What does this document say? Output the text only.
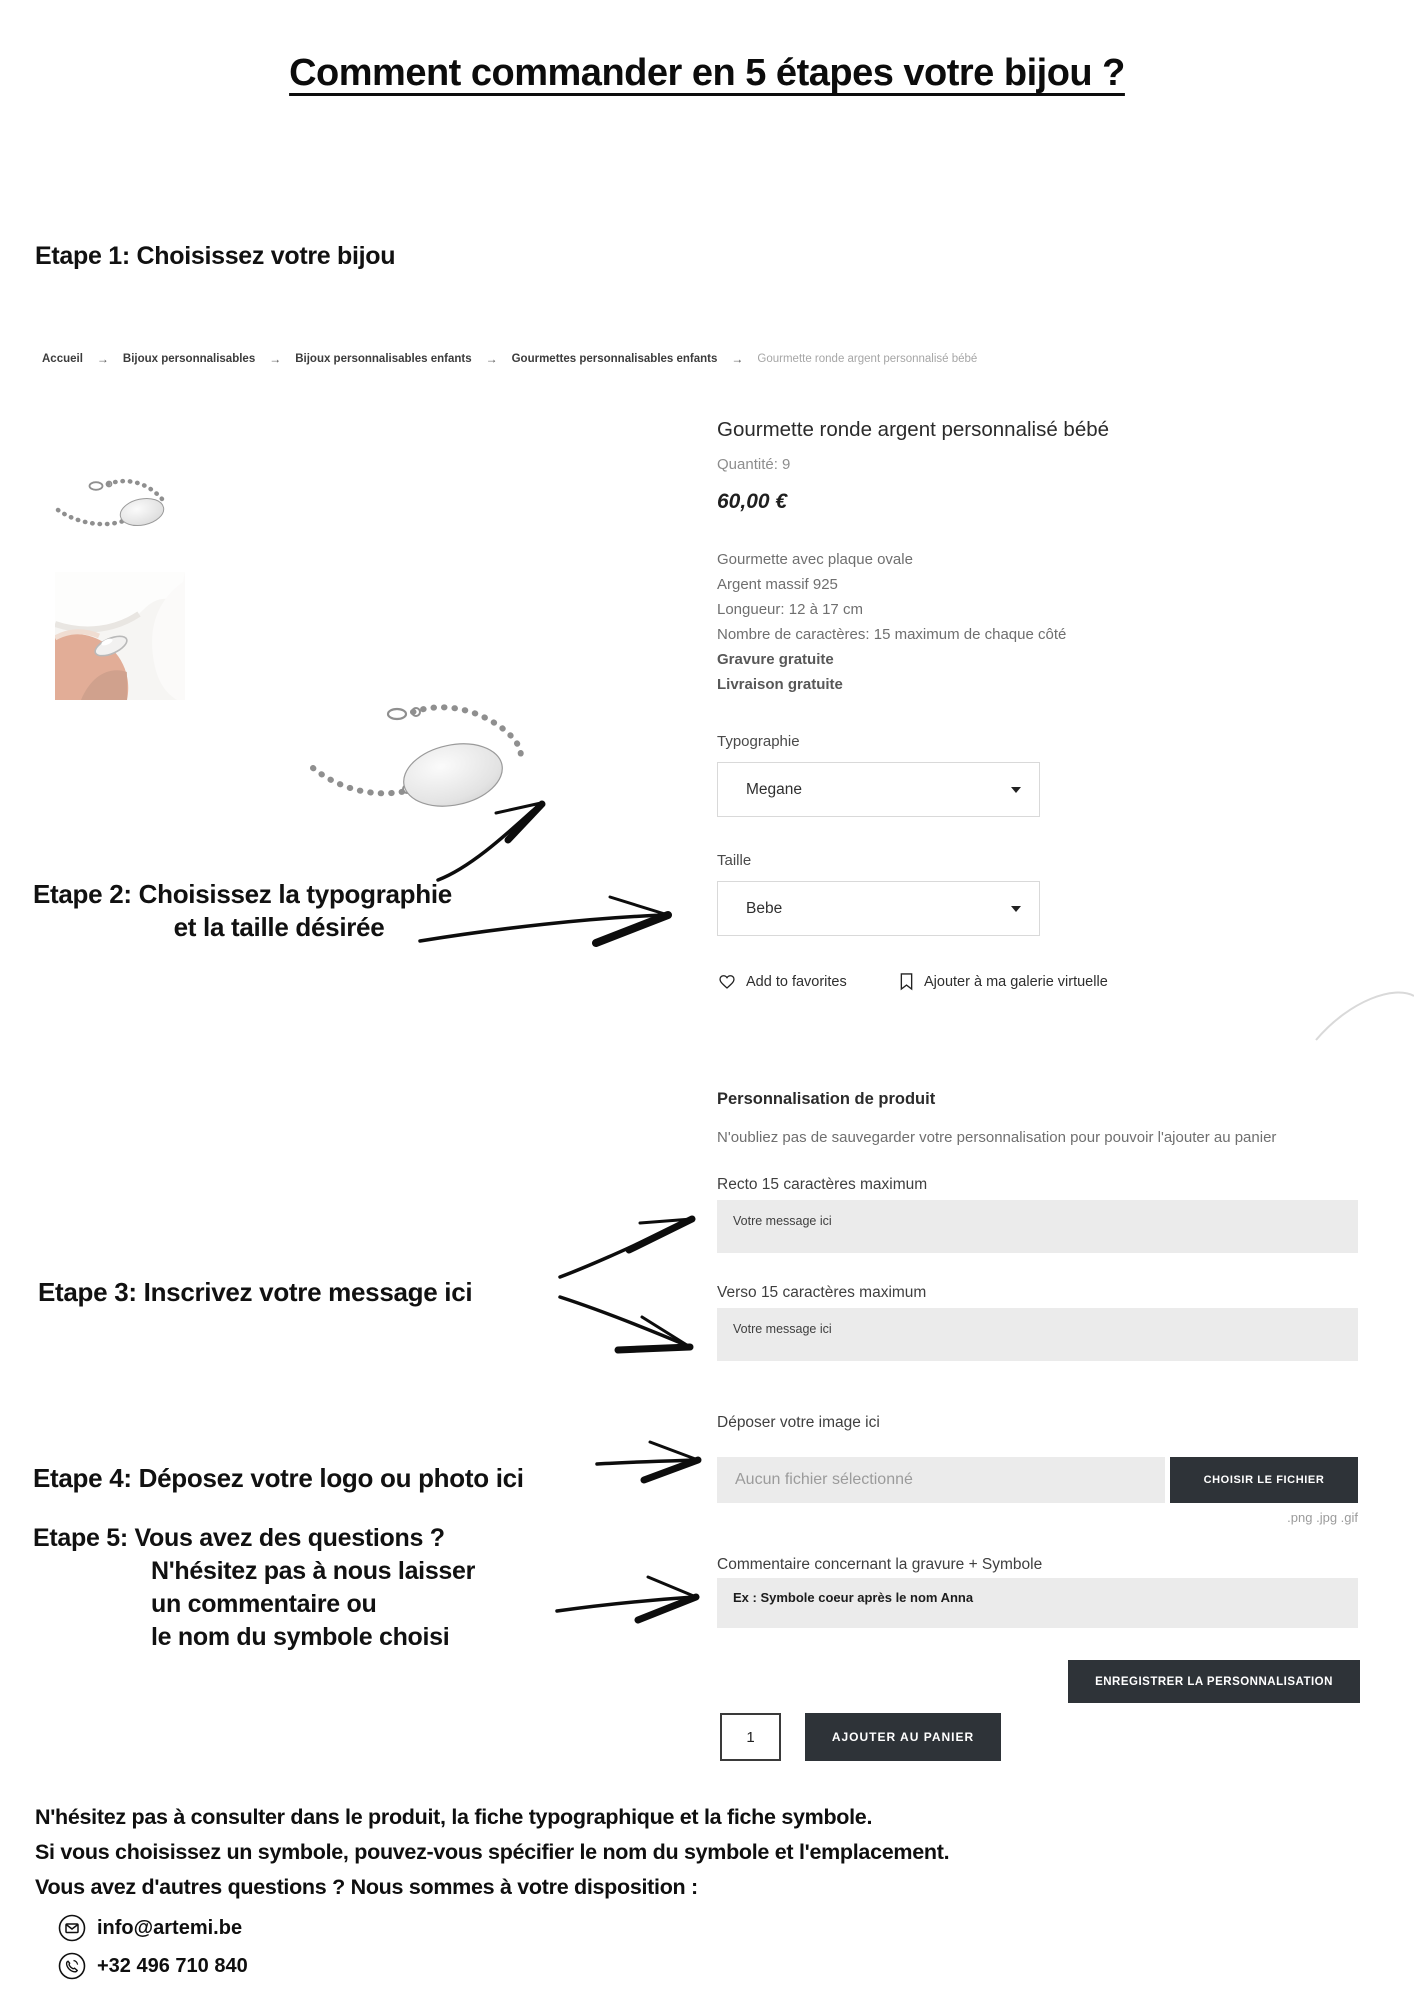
Comment commander en 5 étapes votre bijou ?
Etape 1: Choisissez votre bijou
Accueil → Bijoux personnalisables → Bijoux personnalisables enfants → Gourmettes personnalisables enfants → Gourmette ronde argent personnalisé bébé
Gourmette ronde argent personnalisé bébé
Quantité: 9
60,00 €
Gourmette avec plaque ovale
Argent massif 925
Longueur: 12 à 17 cm
Nombre de caractères: 15 maximum de chaque côté
Gravure gratuite
Livraison gratuite
Typographie
Megane
Taille
Bebe
Add to favorites	Ajouter à ma galerie virtuelle
Personnalisation de produit
N'oubliez pas de sauvegarder votre personnalisation pour pouvoir l'ajouter au panier
Recto 15 caractères maximum
Votre message ici
Verso 15 caractères maximum
Votre message ici
Déposer votre image ici
Aucun fichier sélectionné	CHOISIR LE FICHIER
.png .jpg .gif
Commentaire concernant la gravure + Symbole
Ex : Symbole coeur après le nom Anna
ENREGISTRER LA PERSONNALISATION
1
AJOUTER AU PANIER
Etape 2: Choisissez la typographie
et la taille désirée
Etape 3: Inscrivez votre message ici
Etape 4: Déposez votre logo ou photo ici
Etape 5: Vous avez des questions ?
N'hésitez pas à nous laisser
un commentaire ou
le nom du symbole choisi
N'hésitez pas à consulter dans le produit, la fiche typographique et la fiche symbole.
Si vous choisissez un symbole, pouvez-vous spécifier le nom du symbole et l'emplacement.
Vous avez d'autres questions ? Nous sommes à votre disposition :
info@artemi.be
+32 496 710 840
